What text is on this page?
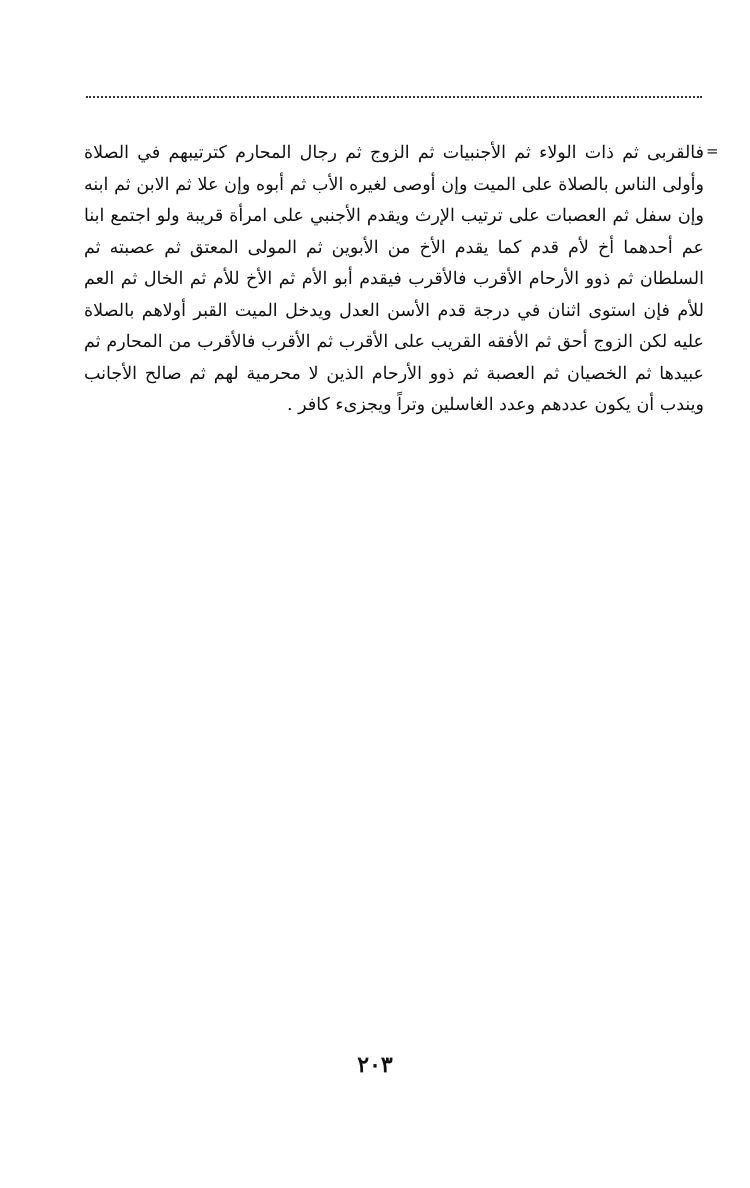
=

فالقربى ثم ذات الولاء ثم الأجنبيات ثم الزوج ثم رجال المحارم كترتيبهم في الصلاة وأولى الناس بالصلاة على الميت وإن أوصى لغيره الأب ثم أبوه وإن علا ثم الابن ثم ابنه وإن سفل ثم العصبات على ترتيب الإرث ويقدم الأجنبي على امرأة قريبة ولو اجتمع ابنا عم أحدهما أخ لأم قدم كما يقدم الأخ من الأبوين ثم المولى المعتق ثم عصبته ثم السلطان ثم ذوو الأرحام الأقرب فالأقرب فيقدم أبو الأم ثم الأخ للأم ثم الخال ثم العم للأم فإن استوى اثنان في درجة قدم الأسن العدل ويدخل الميت القبر أولاهم بالصلاة عليه لكن الزوج أحق ثم الأفقه القريب على الأقرب ثم الأقرب فالأقرب من المحارم ثم عبيدها ثم الخصيان ثم العصبة ثم ذوو الأرحام الذين لا محرمية لهم ثم صالح الأجانب ويندب أن يكون عددهم وعدد الغاسلين وتراً ويجزىء كافر .

٢٠٣
